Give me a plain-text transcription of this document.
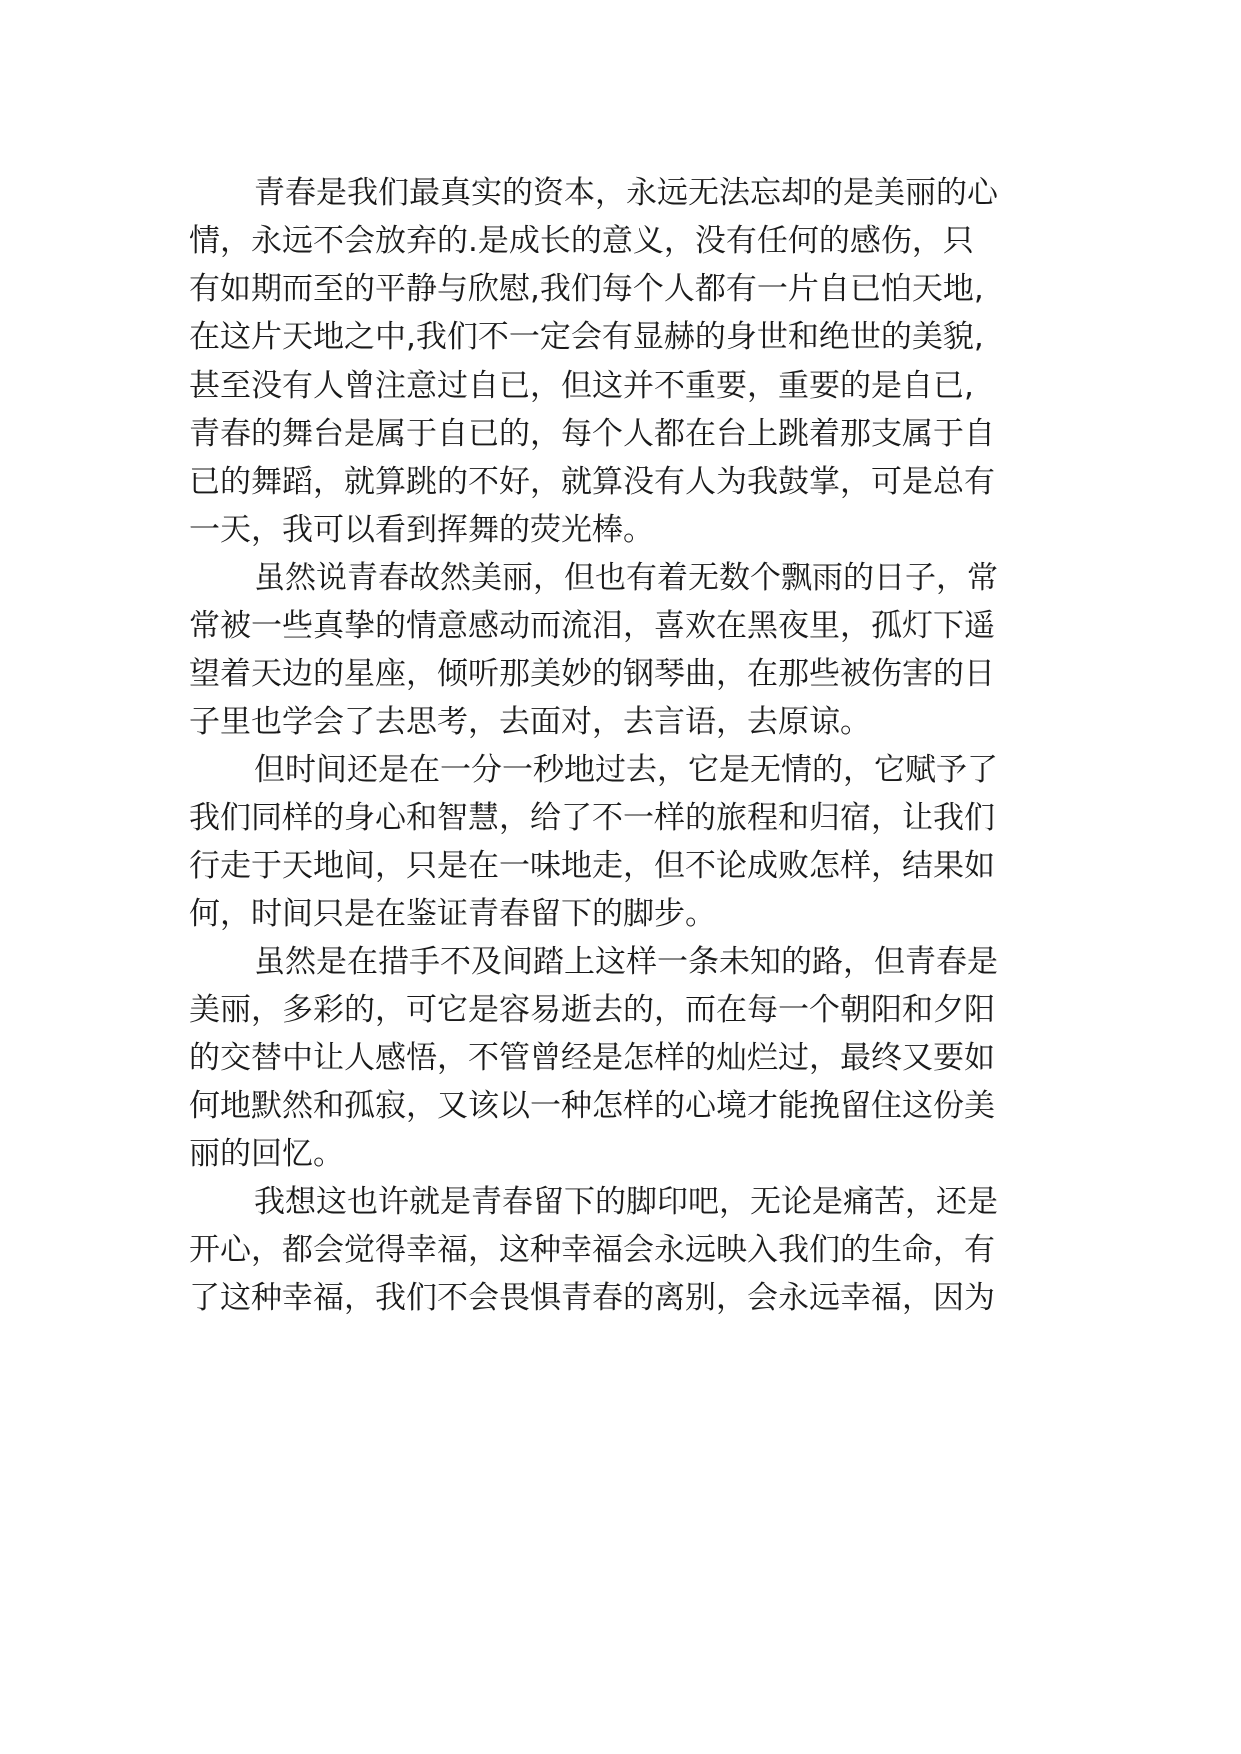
青春是我们最真实的资本，永远无法忘却的是美丽的心
情，永远不会放弃的.是成长的意义，没有任何的感伤，只
有如期而至的平静与欣慰,我们每个人都有一片自已怕天地,
在这片天地之中,我们不一定会有显赫的身世和绝世的美貌,
甚至没有人曾注意过自已，但这并不重要，重要的是自已,
青春的舞台是属于自已的，每个人都在台上跳着那支属于自
已的舞蹈，就算跳的不好，就算没有人为我鼓掌，可是总有
一天，我可以看到挥舞的荧光棒。
虽然说青春故然美丽，但也有着无数个飘雨的日子，常
常被一些真挚的情意感动而流泪，喜欢在黑夜里，孤灯下遥
望着天边的星座，倾听那美妙的钢琴曲，在那些被伤害的日
子里也学会了去思考，去面对，去言语，去原谅。
但时间还是在一分一秒地过去，它是无情的，它赋予了
我们同样的身心和智慧，给了不一样的旅程和归宿，让我们
行走于天地间，只是在一味地走，但不论成败怎样，结果如
何，时间只是在鉴证青春留下的脚步。
虽然是在措手不及间踏上这样一条未知的路，但青春是
美丽，多彩的，可它是容易逝去的，而在每一个朝阳和夕阳
的交替中让人感悟，不管曾经是怎样的灿烂过，最终又要如
何地默然和孤寂，又该以一种怎样的心境才能挽留住这份美
丽的回忆。
我想这也许就是青春留下的脚印吧，无论是痛苦，还是
开心，都会觉得幸福，这种幸福会永远映入我们的生命，有
了这种幸福，我们不会畏惧青春的离别，会永远幸福，因为
